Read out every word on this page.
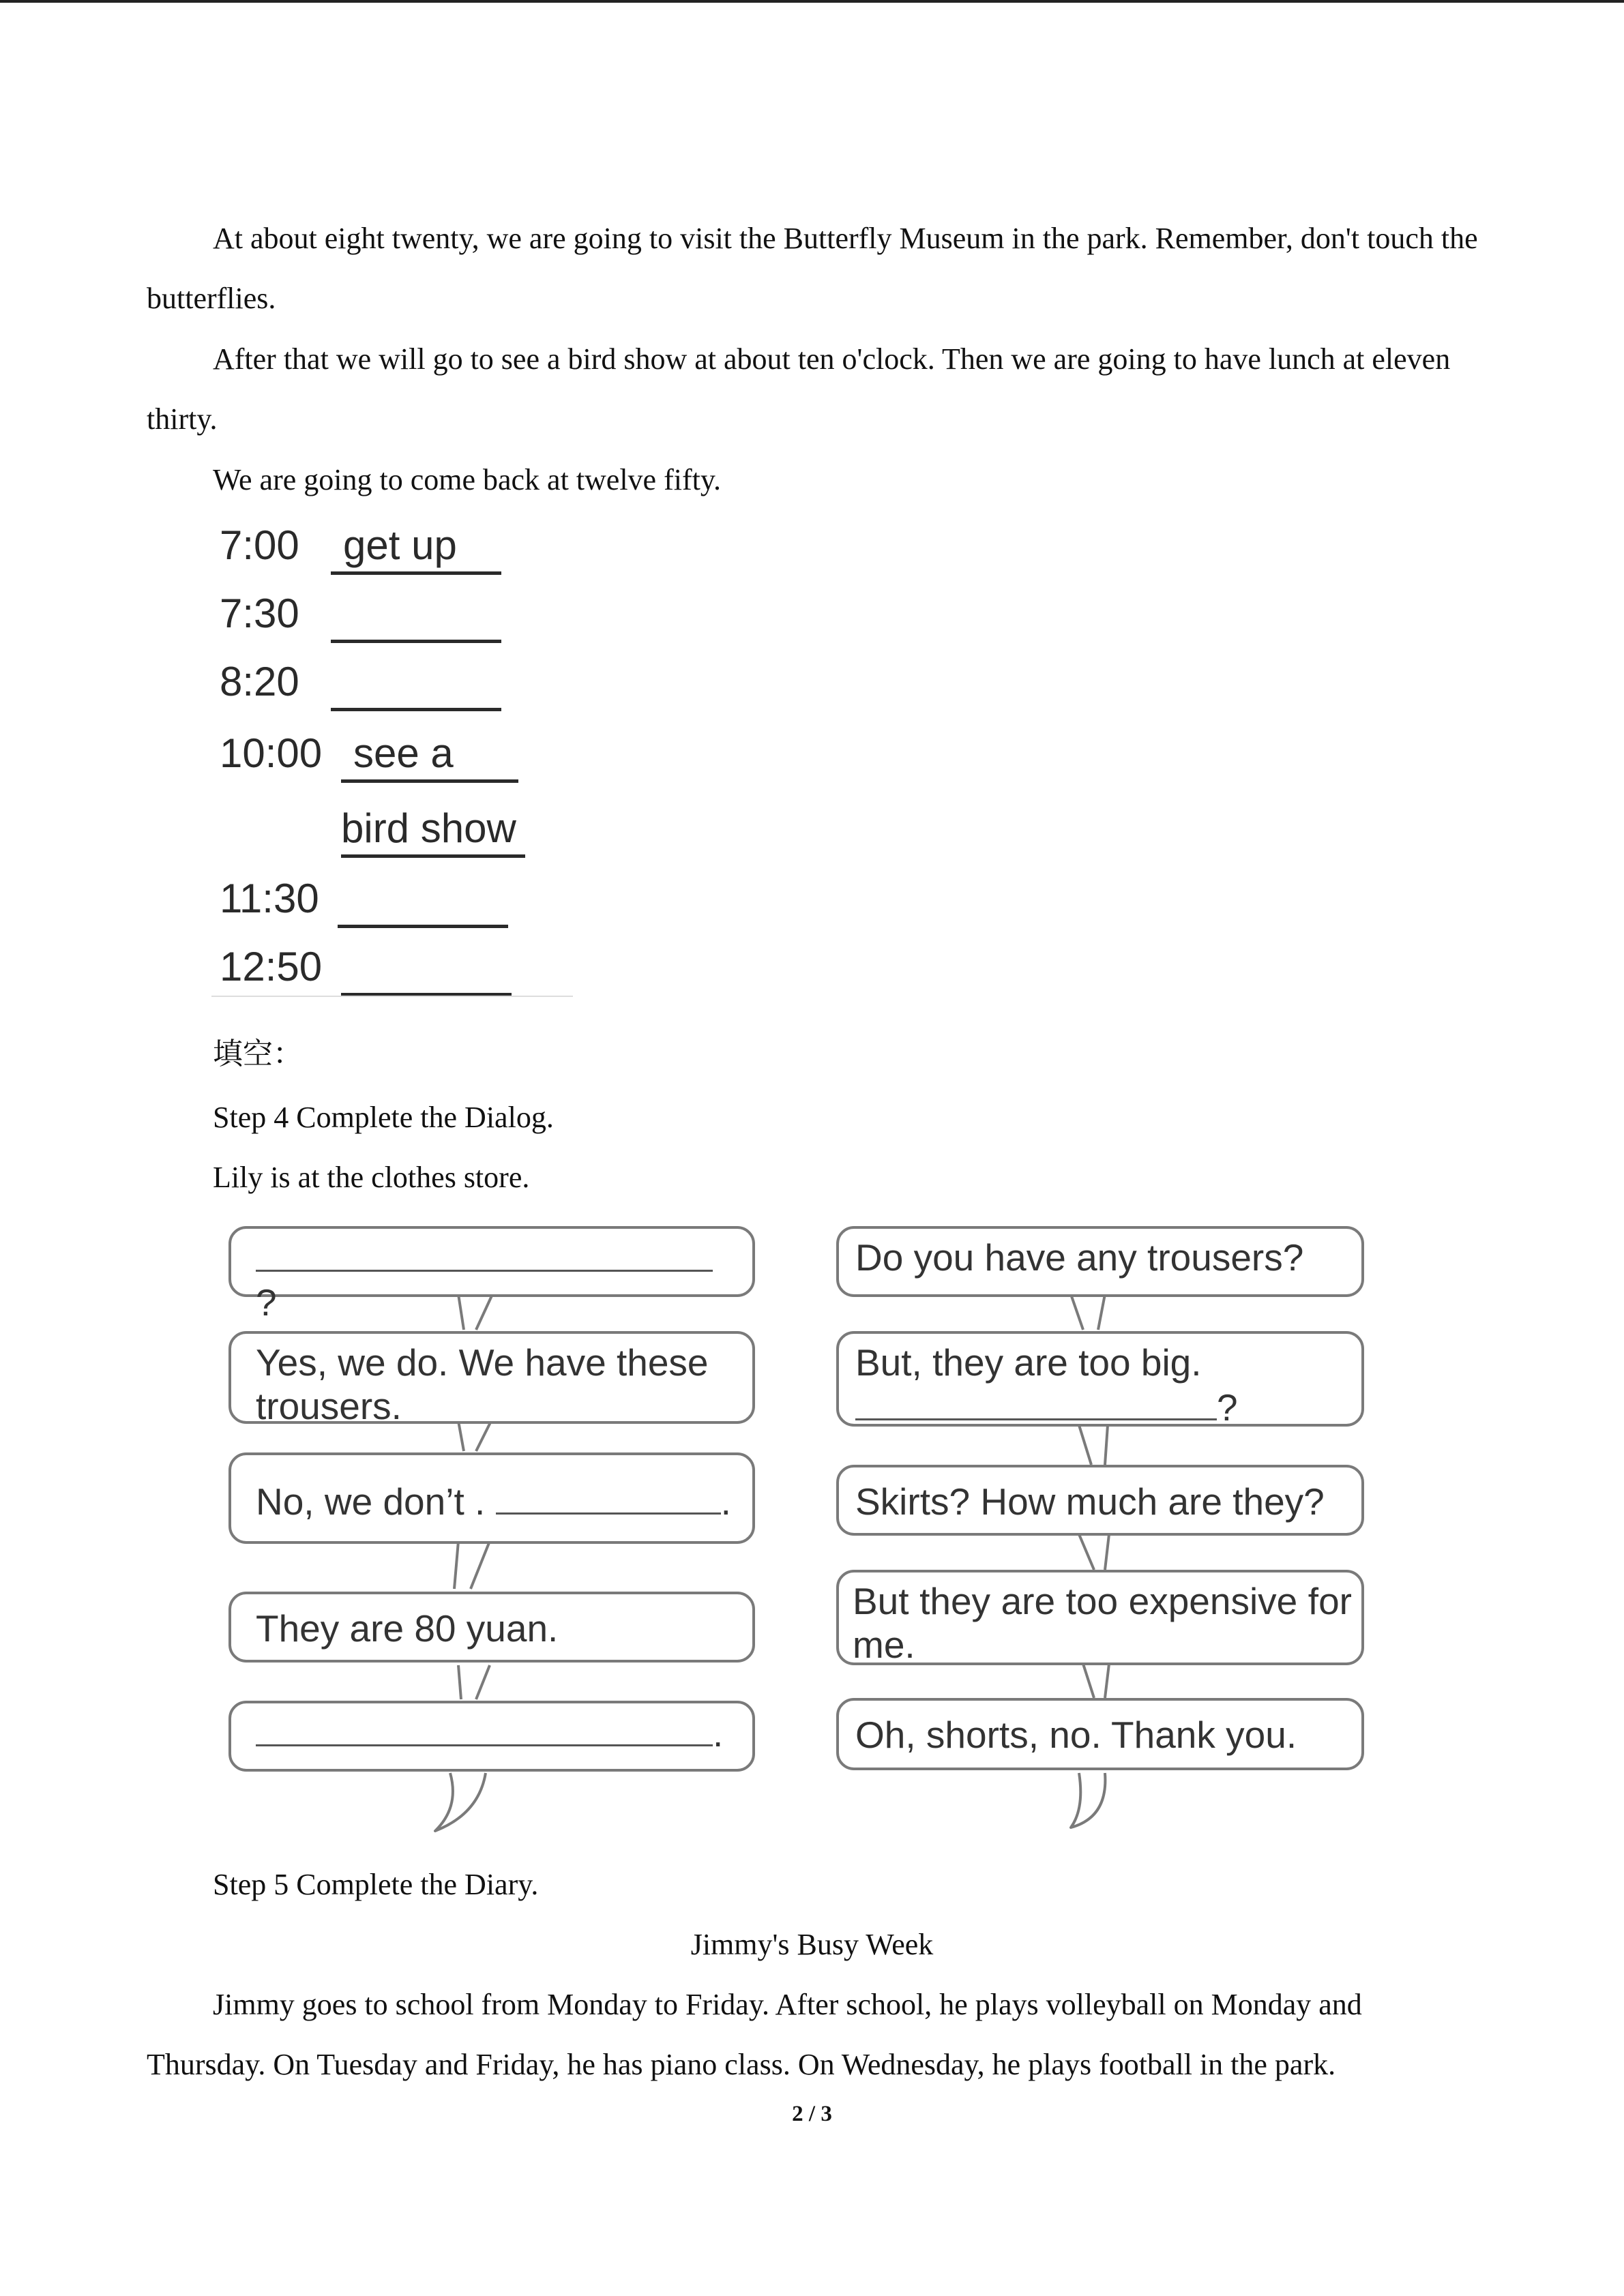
At about eight twenty, we are going to visit the Butterfly Museum in the park. Remember, don't touch the butterflies.

After that we will go to see a bird show at about ten o'clock. Then we are going to have lunch at eleven thirty.

We are going to come back at twelve fifty.

7:00	get up
7:30
8:20
10:00 see a
bird show
11:30
12:50

填空：

Step 4 Complete the Dialog.

Lily is at the clothes store.

?
Yes, we do. We have these trousers.
No, we don’t .	.
They are 80 yuan.
.
Do you have any trousers?
But, they are too big.
?
Skirts? How much are they?
But they are too expensive for me.
Oh, shorts, no. Thank you.

Step 5 Complete the Diary.

Jimmy's Busy Week

Jimmy goes to school from Monday to Friday. After school, he plays volleyball on Monday and Thursday. On Tuesday and Friday, he has piano class. On Wednesday, he plays football in the park.

2 / 3
